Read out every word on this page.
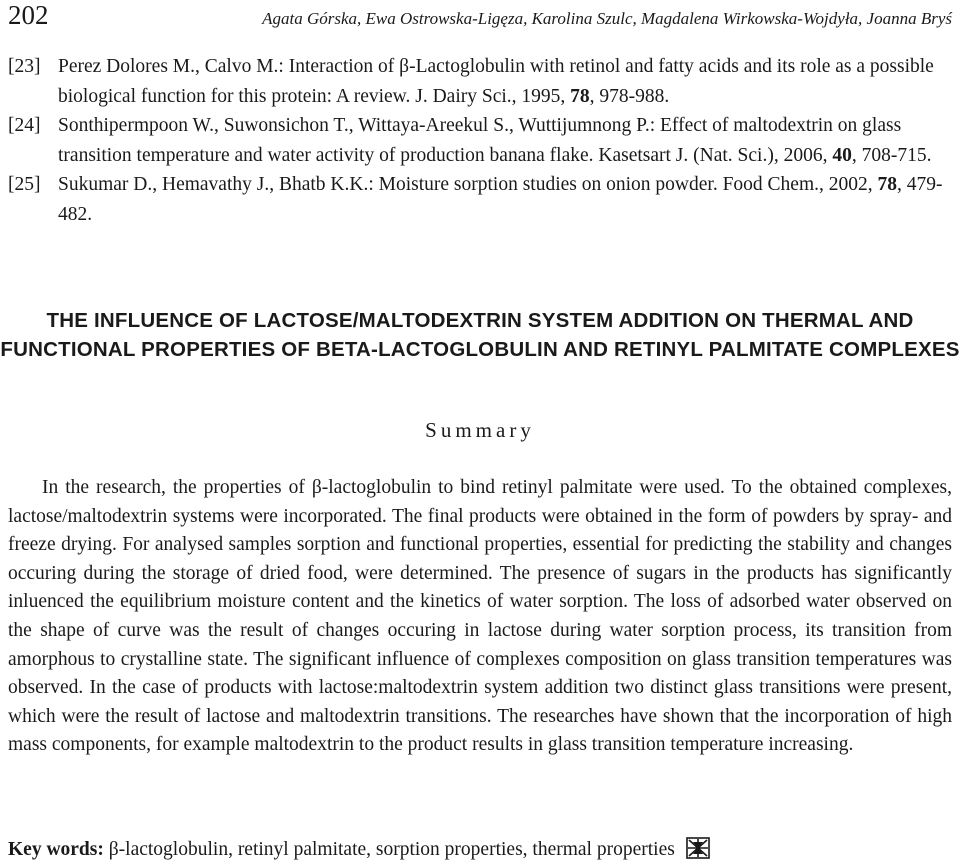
202	Agata Górska, Ewa Ostrowska-Ligęza, Karolina Szulc, Magdalena Wirkowska-Wojdyła, Joanna Bryś
[23] Perez Dolores M., Calvo M.: Interaction of β-Lactoglobulin with retinol and fatty acids and its role as a possible biological function for this protein: A review. J. Dairy Sci., 1995, 78, 978-988.
[24] Sonthipermpoon W., Suwonsichon T., Wittaya-Areekul S., Wuttijumnong P.: Effect of maltodextrin on glass transition temperature and water activity of production banana flake. Kasetsart J. (Nat. Sci.), 2006, 40, 708-715.
[25] Sukumar D., Hemavathy J., Bhatb K.K.: Moisture sorption studies on onion powder. Food Chem., 2002, 78, 479-482.
THE INFLUENCE OF LACTOSE/MALTODEXTRIN SYSTEM ADDITION ON THERMAL AND FUNCTIONAL PROPERTIES OF BETA-LACTOGLOBULIN AND RETINYL PALMITATE COMPLEXES
Summary
In the research, the properties of β-lactoglobulin to bind retinyl palmitate were used. To the obtained complexes, lactose/maltodextrin systems were incorporated. The final products were obtained in the form of powders by spray- and freeze drying. For analysed samples sorption and functional properties, essential for predicting the stability and changes occuring during the storage of dried food, were determined. The presence of sugars in the products has significantly inluenced the equilibrium moisture content and the kinetics of water sorption. The loss of adsorbed water observed on the shape of curve was the result of changes occuring in lactose during water sorption process, its transition from amorphous to crystalline state. The significant influence of complexes composition on glass transition temperatures was observed. In the case of products with lactose:maltodextrin system addition two distinct glass transitions were present, which were the result of lactose and maltodextrin transitions. The researches have shown that the incorporation of high mass components, for example maltodextrin to the product results in glass transition temperature increasing.
Key words: β-lactoglobulin, retinyl palmitate, sorption properties, thermal properties
